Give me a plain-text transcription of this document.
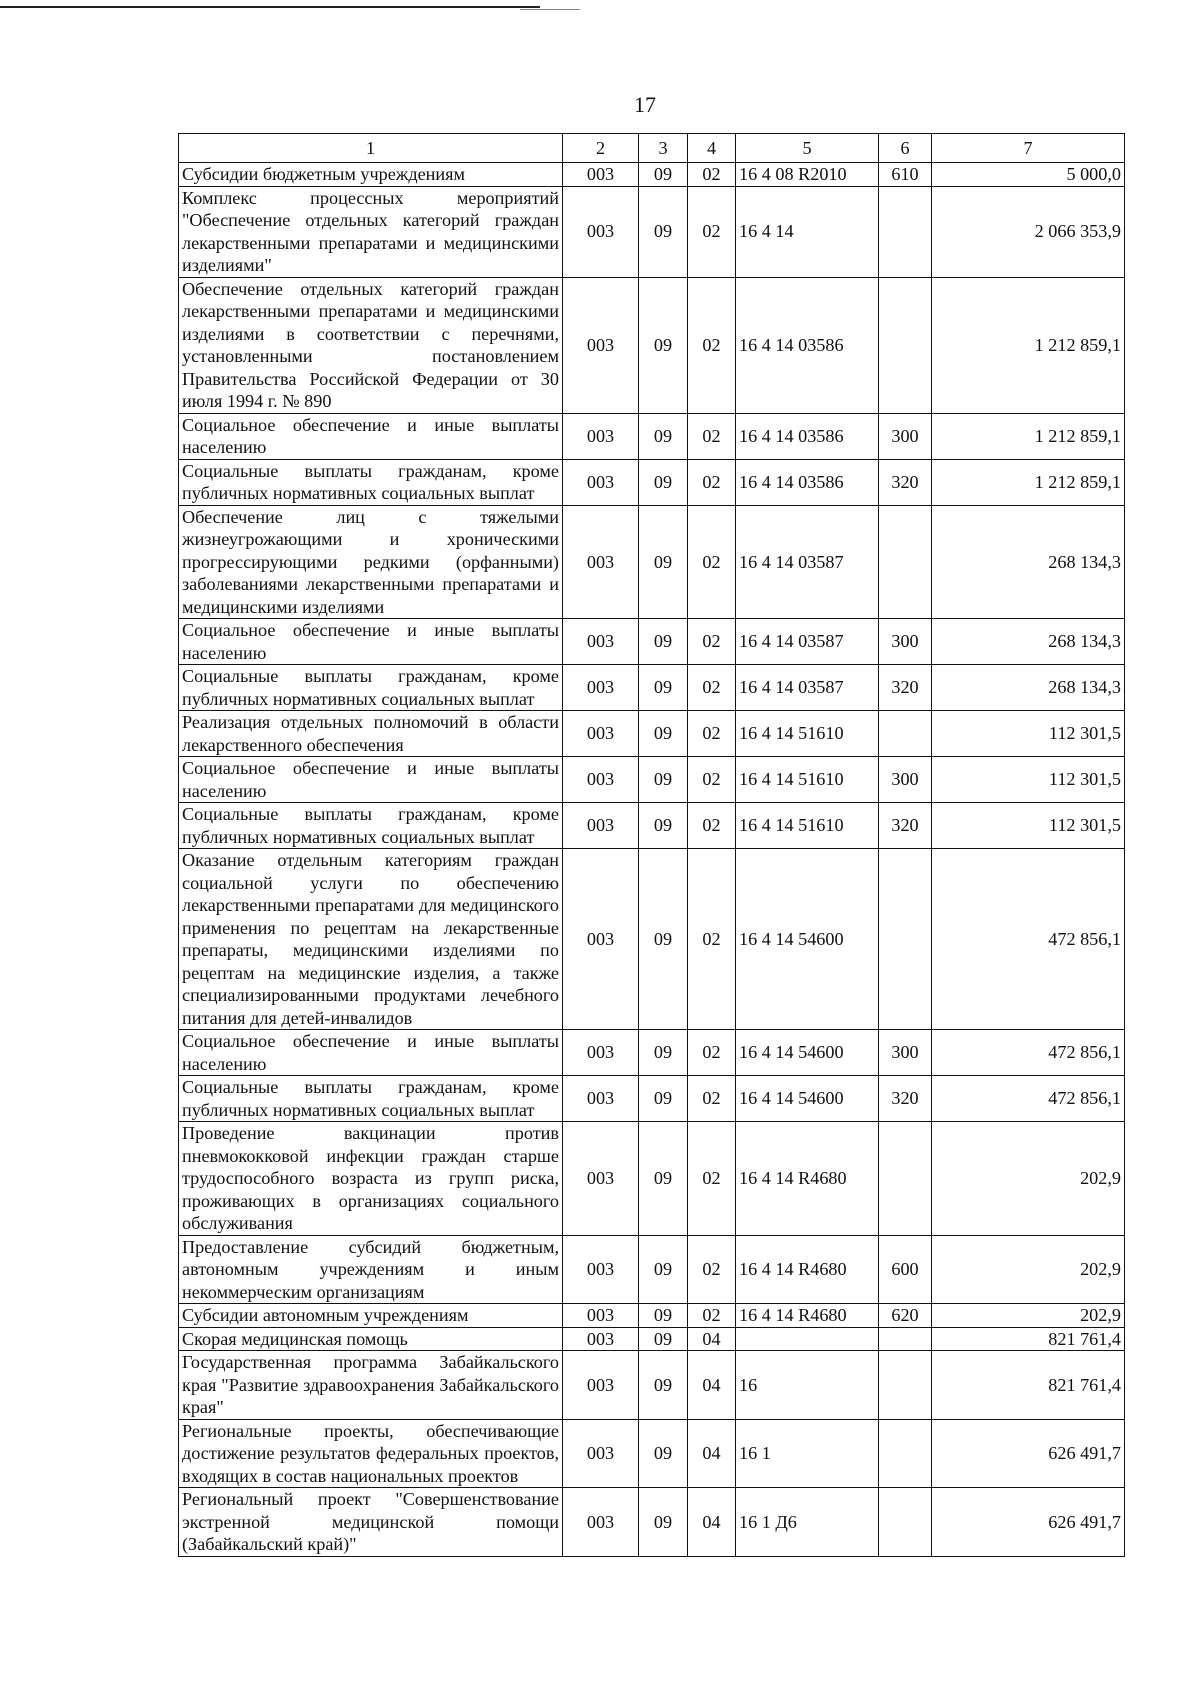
17
1	2	3	4	5	6	7
Субсидии бюджетным учреждениям	003	09	02	16 4 08 R2010	610	5 000,0
Комплекс процессных мероприятий "Обеспечение отдельных категорий граждан лекарственными препаратами и медицинскими изделиями"	003	09	02	16 4 14		2 066 353,9
Обеспечение отдельных категорий граждан лекарственными препаратами и медицинскими изделиями в соответствии с перечнями, установленными постановлением Правительства Российской Федерации от 30 июля 1994 г. № 890	003	09	02	16 4 14 03586		1 212 859,1
Социальное обеспечение и иные выплаты населению	003	09	02	16 4 14 03586	300	1 212 859,1
Социальные выплаты гражданам, кроме публичных нормативных социальных выплат	003	09	02	16 4 14 03586	320	1 212 859,1
Обеспечение лиц с тяжелыми жизнеугрожающими и хроническими прогрессирующими редкими (орфанными) заболеваниями лекарственными препаратами и медицинскими изделиями	003	09	02	16 4 14 03587		268 134,3
Социальное обеспечение и иные выплаты населению	003	09	02	16 4 14 03587	300	268 134,3
Социальные выплаты гражданам, кроме публичных нормативных социальных выплат	003	09	02	16 4 14 03587	320	268 134,3
Реализация отдельных полномочий в области лекарственного обеспечения	003	09	02	16 4 14 51610		112 301,5
Социальное обеспечение и иные выплаты населению	003	09	02	16 4 14 51610	300	112 301,5
Социальные выплаты гражданам, кроме публичных нормативных социальных выплат	003	09	02	16 4 14 51610	320	112 301,5
Оказание отдельным категориям граждан социальной услуги по обеспечению лекарственными препаратами для медицинского применения по рецептам на лекарственные препараты, медицинскими изделиями по рецептам на медицинские изделия, а также специализированными продуктами лечебного питания для детей-инвалидов	003	09	02	16 4 14 54600		472 856,1
Социальное обеспечение и иные выплаты населению	003	09	02	16 4 14 54600	300	472 856,1
Социальные выплаты гражданам, кроме публичных нормативных социальных выплат	003	09	02	16 4 14 54600	320	472 856,1
Проведение вакцинации против пневмококковой инфекции граждан старше трудоспособного возраста из групп риска, проживающих в организациях социального обслуживания	003	09	02	16 4 14 R4680		202,9
Предоставление субсидий бюджетным, автономным учреждениям и иным некоммерческим организациям	003	09	02	16 4 14 R4680	600	202,9
Субсидии автономным учреждениям	003	09	02	16 4 14 R4680	620	202,9
Скорая медицинская помощь	003	09	04			821 761,4
Государственная программа Забайкальского края "Развитие здравоохранения Забайкальского края"	003	09	04	16		821 761,4
Региональные проекты, обеспечивающие достижение результатов федеральных проектов, входящих в состав национальных проектов	003	09	04	16 1		626 491,7
Региональный проект "Совершенствование экстренной медицинской помощи (Забайкальский край)"	003	09	04	16 1 Д6		626 491,7
